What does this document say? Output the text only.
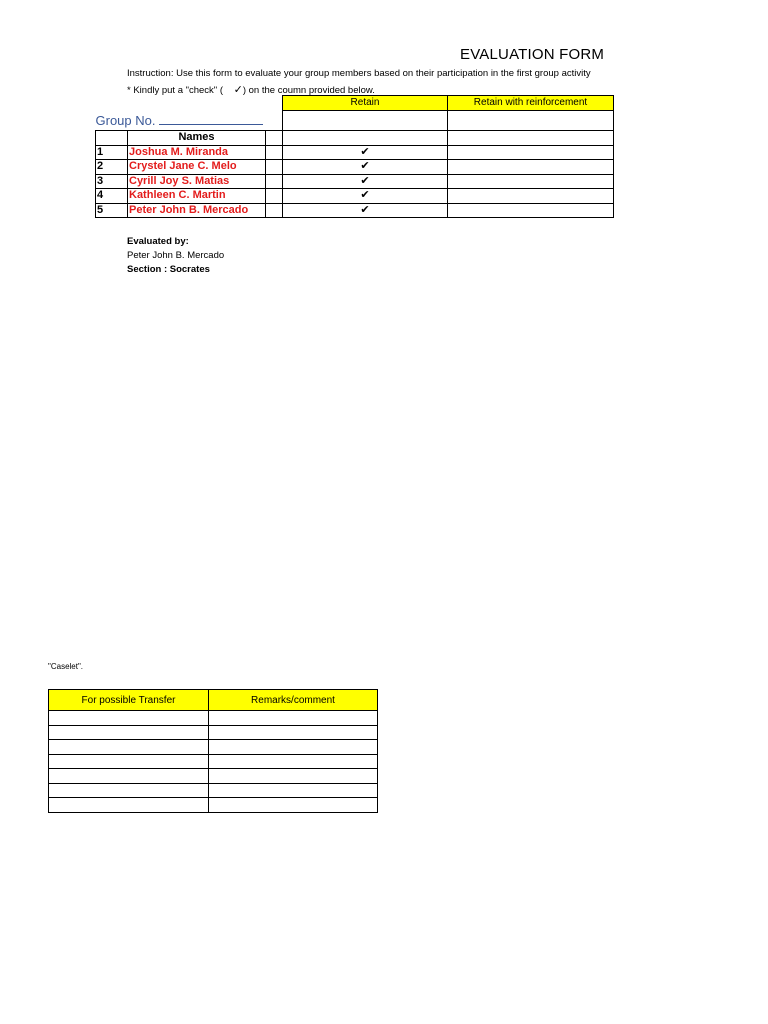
EVALUATION FORM
Instruction: Use this form to evaluate your group members based on their participation in the first group activity
* Kindly put a "check" ( ✓) on the coumn provided below.
			Retain	Retain with reinforcement
Group No.				
	Names			
1	Joshua M. Miranda		✔	
2	Crystel Jane C. Melo		✔	
3	Cyrill Joy S. Matias		✔	
4	Kathleen C. Martin		✔	
5	Peter John B. Mercado		✔	
Evaluated by:
Peter John B. Mercado
Section : Socrates
"Caselet".
For possible Transfer	Remarks/comment
